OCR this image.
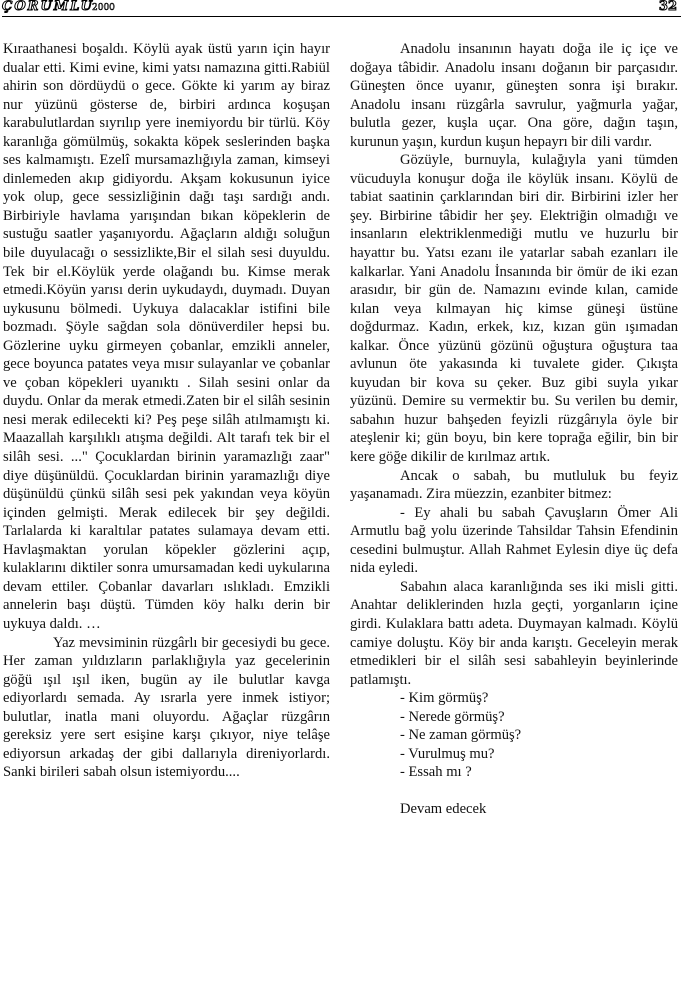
ÇORUMLU
2000	32

Kıraathanesi boşaldı. Köylü ayak üstü yarın için hayır dualar etti. Kimi evine, kimi yatsı namazına gitti.Rabiül ahirin son dördüydü o gece. Gökte ki yarım ay biraz nur yüzünü gösterse de, birbiri ardınca koşuşan karabulutlardan sıyrılıp yere inemiyordu bir türlü. Köy karanlığa gömülmüş, sokakta köpek seslerinden başka ses kalmamıştı. Ezelî mursamazlığıyla zaman, kimseyi dinlemeden akıp gidiyordu. Akşam kokusunun iyice yok olup, gece sessizliğinin dağı taşı sardığı andı. Birbiriyle havlama yarışından bıkan köpeklerin de sustuğu saatler yaşanıyordu. Ağaçların aldığı soluğun bile duyulacağı o sessizlikte,Bir el silah sesi duyuldu. Tek bir el.Köylük yerde olağandı bu. Kimse merak etmedi.Köyün yarısı derin uykudaydı, duymadı. Duyan uykusunu bölmedi. Uykuya dalacaklar istifini bile bozmadı. Şöyle sağdan sola dönüverdiler hepsi bu. Gözlerine uyku girmeyen çobanlar, emzikli anneler, gece boyunca patates veya mısır sulayanlar ve çobanlar ve çoban köpekleri uyanıktı . Silah sesini onlar da duydu. Onlar da merak etmedi.Zaten bir el silâh sesinin nesi merak edilecekti ki? Peş peşe silâh atılmamıştı ki. Maazallah karşılıklı atışma değildi. Alt tarafı tek bir el silâh sesi. ..." Çocuklardan birinin yaramazlığı zaar" diye düşünüldü. Çocuklardan birinin yaramazlığı diye düşünüldü çünkü silâh sesi pek yakından veya köyün içinden gelmişti. Merak edilecek bir şey değildi. Tarlalarda ki karaltılar patates sulamaya devam etti. Havlaşmaktan yorulan köpekler gözlerini açıp, kulaklarını diktiler sonra umursamadan kedi uykularına devam ettiler. Çobanlar davarları ıslıkladı. Emzikli annelerin başı düştü. Tümden köy halkı derin bir uykuya daldı. …

Yaz mevsiminin rüzgârlı bir gecesiydi bu gece. Her zaman yıldızların parlaklığıyla yaz gecelerinin göğü ışıl ışıl iken, bugün ay ile bulutlar kavga ediyorlardı semada. Ay ısrarla yere inmek istiyor; bulutlar, inatla mani oluyordu. Ağaçlar rüzgârın gereksiz yere sert esişine karşı çıkıyor, niye telâşe ediyorsun arkadaş der gibi dallarıyla direniyorlardı. Sanki birileri sabah olsun istemiyordu....

Anadolu insanının hayatı doğa ile iç içe ve doğaya tâbidir. Anadolu insanı doğanın bir parçasıdır. Güneşten önce uyanır, güneşten sonra işi bırakır. Anadolu insanı rüzgârla savrulur, yağmurla yağar, bulutla gezer, kuşla uçar. Ona göre, dağın taşın, kurunun yaşın, kurdun kuşun hepayrı bir dili vardır.

Gözüyle, burnuyla, kulağıyla yani tümden vücuduyla konuşur doğa ile köylük insanı. Köylü de tabiat saatinin çarklarından biri dir. Birbirini izler her şey. Birbirine tâbidir her şey. Elektriğin olmadığı ve insanların elektriklenmediği mutlu ve huzurlu bir hayattır bu. Yatsı ezanı ile yatarlar sabah ezanları ile kalkarlar. Yani Anadolu İnsanında bir ömür de iki ezan arasıdır, bir gün de. Namazını evinde kılan, camide kılan veya kılmayan hiç kimse güneşi üstüne doğdurmaz. Kadın, erkek, kız, kızan gün ışımadan kalkar. Önce yüzünü gözünü oğuştura oğuştura taa avlunun öte yakasında ki tuvalete gider. Çıkışta kuyudan bir kova su çeker. Buz gibi suyla yıkar yüzünü. Demire su vermektir bu. Su verilen bu demir, sabahın huzur bahşeden feyizli rüzgârıyla öyle bir ateşlenir ki; gün boyu, bin kere toprağa eğilir, bin bir kere göğe dikilir de kırılmaz artık.

Ancak o sabah, bu mutluluk bu feyiz yaşanamadı. Zira müezzin, ezanbiter bitmez:

- Ey ahali bu sabah Çavuşların Ömer Ali Armutlu bağ yolu üzerinde Tahsildar Tahsin Efendinin cesedini bulmuştur. Allah Rahmet Eylesin diye üç defa nida eyledi.

Sabahın alaca karanlığında ses iki misli gitti. Anahtar deliklerinden hızla geçti, yorganların içine girdi. Kulaklara battı adeta. Duymayan kalmadı. Köylü camiye doluştu. Köy bir anda karıştı. Geceleyin merak etmedikleri bir el silâh sesi sabahleyin beyinlerinde patlamıştı.

- Kim görmüş?

- Nerede görmüş?

- Ne zaman görmüş?

- Vurulmuş mu?

- Essah mı ?

Devam edecek
